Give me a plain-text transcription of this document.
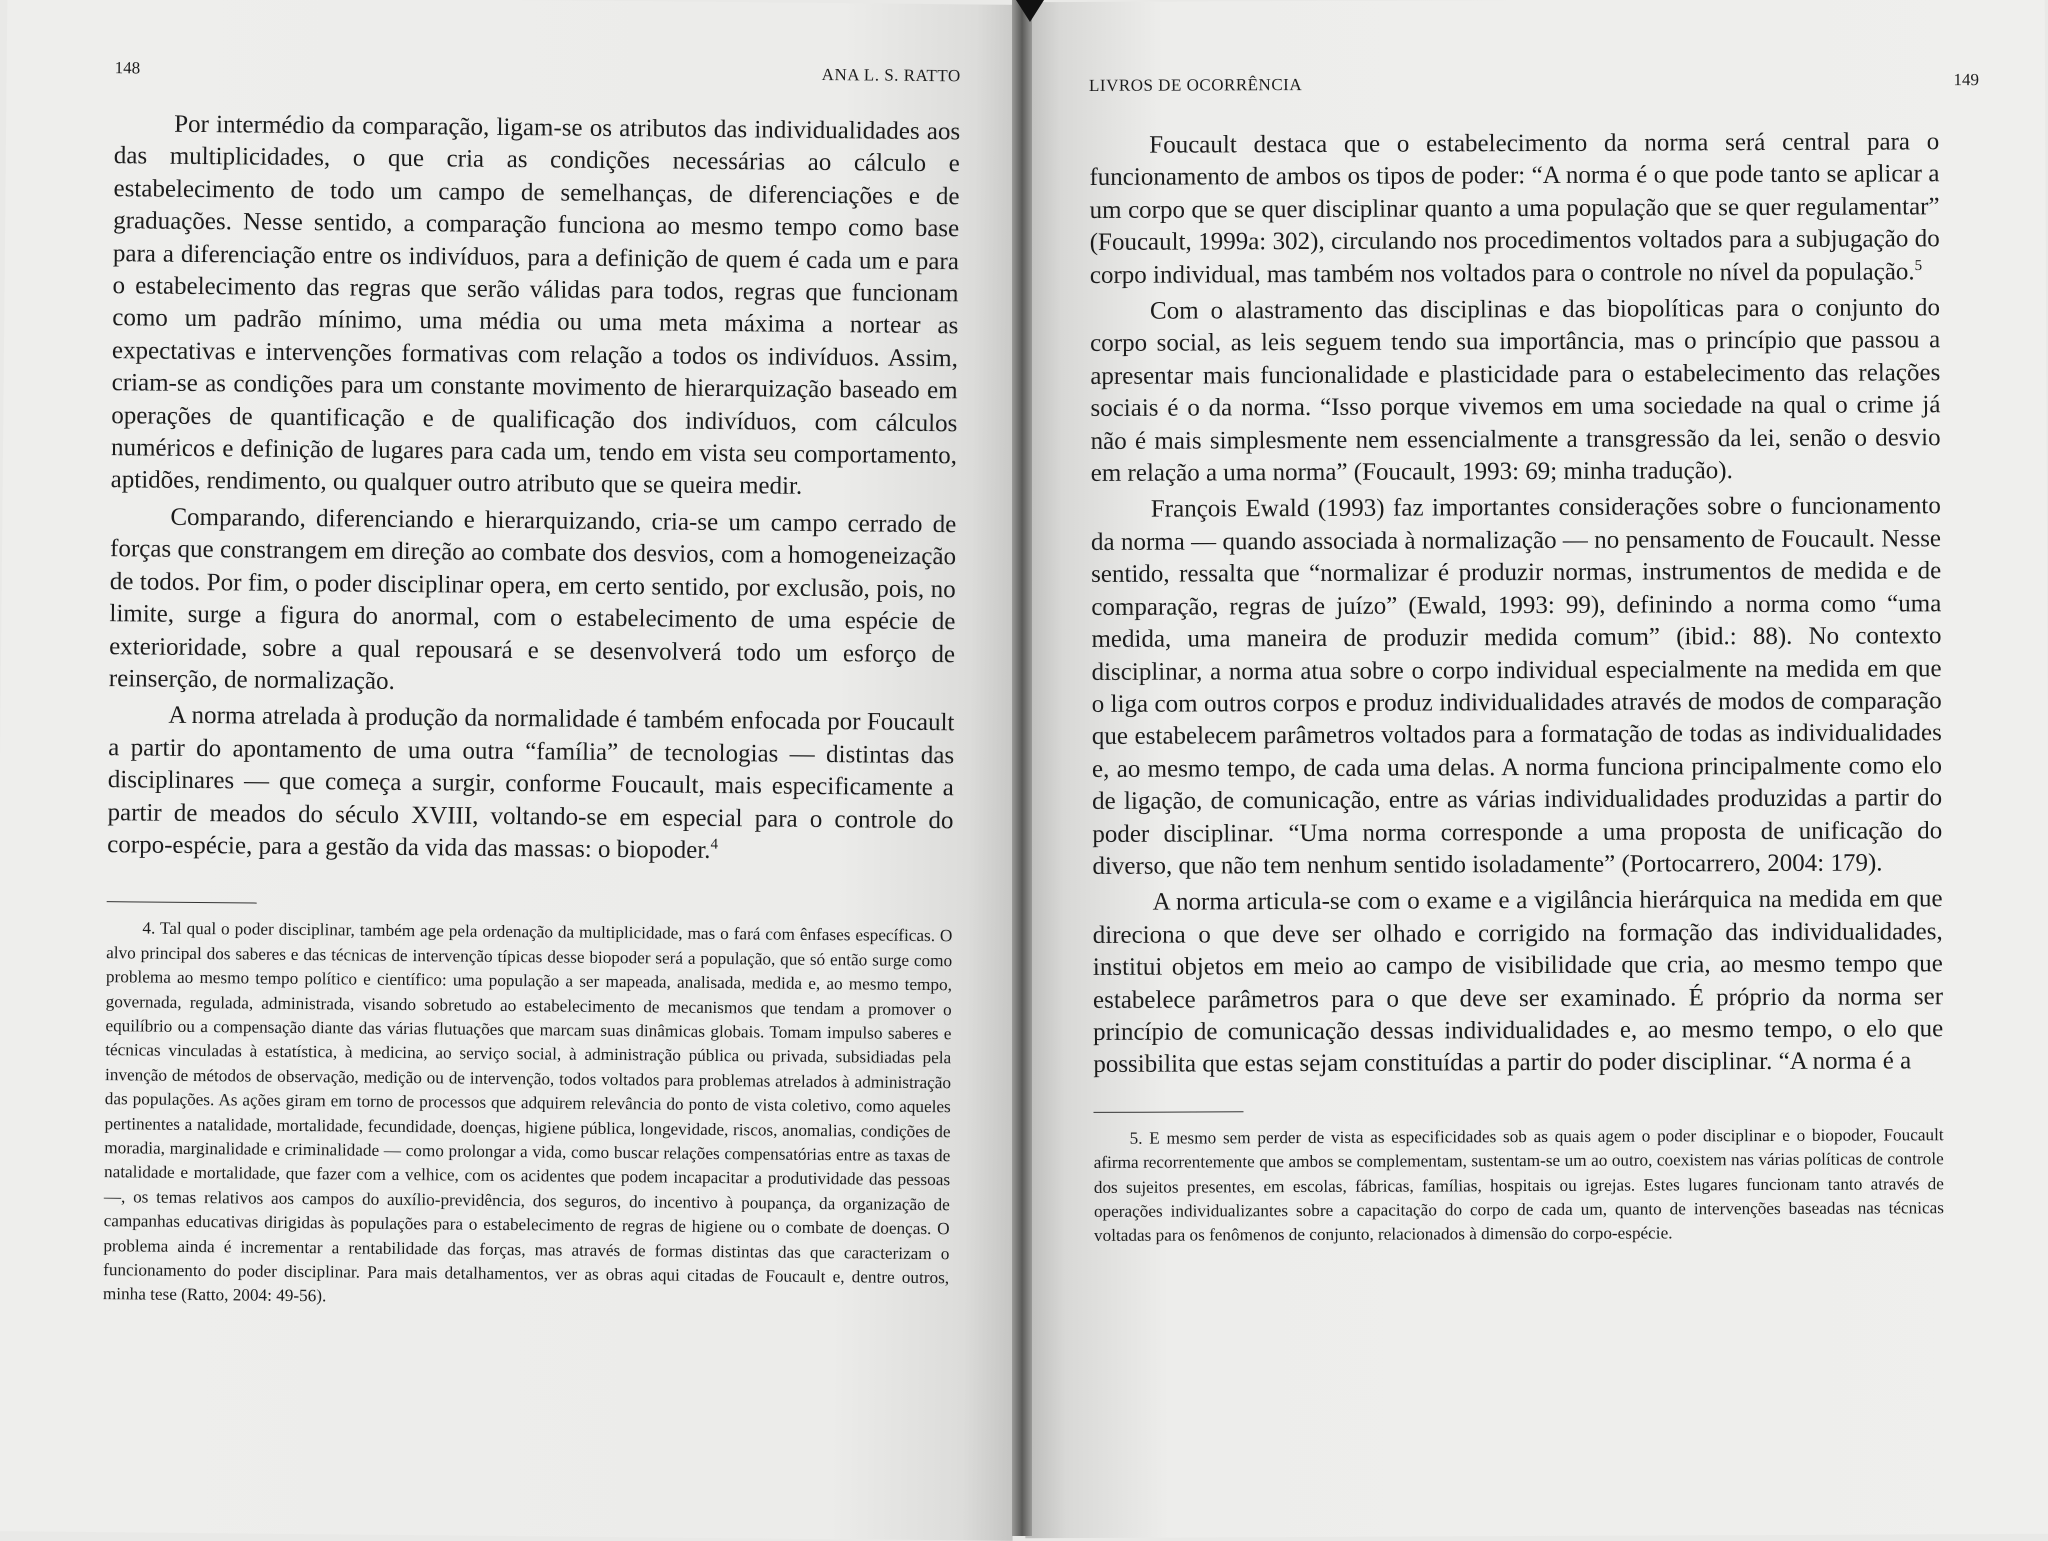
148	ANA L. S. RATTO

Por intermédio da comparação, ligam-se os atributos das individualidades aos das multiplicidades, o que cria as condições necessárias ao cálculo e estabelecimento de todo um campo de semelhanças, de diferenciações e de graduações. Nesse sentido, a comparação funciona ao mesmo tempo como base para a diferenciação entre os indivíduos, para a definição de quem é cada um e para o estabelecimento das regras que serão válidas para todos, regras que funcionam como um padrão mínimo, uma média ou uma meta máxima a nortear as expectativas e intervenções formativas com relação a todos os indivíduos. Assim, criam-se as condições para um constante movimento de hierarquização baseado em operações de quantificação e de qualificação dos indivíduos, com cálculos numéricos e definição de lugares para cada um, tendo em vista seu comportamento, aptidões, rendimento, ou qualquer outro atributo que se queira medir.

Comparando, diferenciando e hierarquizando, cria-se um campo cerrado de forças que constrangem em direção ao combate dos desvios, com a homogeneização de todos. Por fim, o poder disciplinar opera, em certo sentido, por exclusão, pois, no limite, surge a figura do anormal, com o estabelecimento de uma espécie de exterioridade, sobre a qual repousará e se desenvolverá todo um esforço de reinserção, de normalização.

A norma atrelada à produção da normalidade é também enfocada por Foucault a partir do apontamento de uma outra “família” de tecnologias — distintas das disciplinares — que começa a surgir, conforme Foucault, mais especificamente a partir de meados do século XVIII, voltando-se em especial para o controle do corpo-espécie, para a gestão da vida das massas: o biopoder.$^4$

4. Tal qual o poder disciplinar, também age pela ordenação da multiplicidade, mas o fará com ênfases específicas. O alvo principal dos saberes e das técnicas de intervenção típicas desse biopoder será a população, que só então surge como problema ao mesmo tempo político e científico: uma população a ser mapeada, analisada, medida e, ao mesmo tempo, governada, regulada, administrada, visando sobretudo ao estabelecimento de mecanismos que tendam a promover o equilíbrio ou a compensação diante das várias flutuações que marcam suas dinâmicas globais. Tomam impulso saberes e técnicas vinculadas à estatística, à medicina, ao serviço social, à administração pública ou privada, subsidiadas pela invenção de métodos de observação, medição ou de intervenção, todos voltados para problemas atrelados à administração das populações. As ações giram em torno de processos que adquirem relevância do ponto de vista coletivo, como aqueles pertinentes a natalidade, mortalidade, fecundidade, doenças, higiene pública, longevidade, riscos, anomalias, condições de moradia, marginalidade e criminalidade — como prolongar a vida, como buscar relações compensatórias entre as taxas de natalidade e mortalidade, que fazer com a velhice, com os acidentes que podem incapacitar a produtividade das pessoas —, os temas relativos aos campos do auxílio-previdência, dos seguros, do incentivo à poupança, da organização de campanhas educativas dirigidas às populações para o estabelecimento de regras de higiene ou o combate de doenças. O problema ainda é incrementar a rentabilidade das forças, mas através de formas distintas das que caracterizam o funcionamento do poder disciplinar. Para mais detalhamentos, ver as obras aqui citadas de Foucault e, dentre outros, minha tese (Ratto, 2004: 49-56).

LIVROS DE OCORRÊNCIA	149

Foucault destaca que o estabelecimento da norma será central para o funcionamento de ambos os tipos de poder: “A norma é o que pode tanto se aplicar a um corpo que se quer disciplinar quanto a uma população que se quer regulamentar” (Foucault, 1999a: 302), circulando nos procedimentos voltados para a subjugação do corpo individual, mas também nos voltados para o controle no nível da população.$^5$

Com o alastramento das disciplinas e das biopolíticas para o conjunto do corpo social, as leis seguem tendo sua importância, mas o princípio que passou a apresentar mais funcionalidade e plasticidade para o estabelecimento das relações sociais é o da norma. “Isso porque vivemos em uma sociedade na qual o crime já não é mais simplesmente nem essencialmente a transgressão da lei, senão o desvio em relação a uma norma” (Foucault, 1993: 69; minha tradução).

François Ewald (1993) faz importantes considerações sobre o funcionamento da norma — quando associada à normalização — no pensamento de Foucault. Nesse sentido, ressalta que “normalizar é produzir normas, instrumentos de medida e de comparação, regras de juízo” (Ewald, 1993: 99), definindo a norma como “uma medida, uma maneira de produzir medida comum” (ibid.: 88). No contexto disciplinar, a norma atua sobre o corpo individual especialmente na medida em que o liga com outros corpos e produz individualidades através de modos de comparação que estabelecem parâmetros voltados para a formatação de todas as individualidades e, ao mesmo tempo, de cada uma delas. A norma funciona principalmente como elo de ligação, de comunicação, entre as várias individualidades produzidas a partir do poder disciplinar. “Uma norma corresponde a uma proposta de unificação do diverso, que não tem nenhum sentido isoladamente” (Portocarrero, 2004: 179).

A norma articula-se com o exame e a vigilância hierárquica na medida em que direciona o que deve ser olhado e corrigido na formação das individualidades, institui objetos em meio ao campo de visibilidade que cria, ao mesmo tempo que estabelece parâmetros para o que deve ser examinado. É próprio da norma ser princípio de comunicação dessas individualidades e, ao mesmo tempo, o elo que possibilita que estas sejam constituídas a partir do poder disciplinar. “A norma é a

5. E mesmo sem perder de vista as especificidades sob as quais agem o poder disciplinar e o biopoder, Foucault afirma recorrentemente que ambos se complementam, sustentam-se um ao outro, coexistem nas várias políticas de controle dos sujeitos presentes, em escolas, fábricas, famílias, hospitais ou igrejas. Estes lugares funcionam tanto através de operações individualizantes sobre a capacitação do corpo de cada um, quanto de intervenções baseadas nas técnicas voltadas para os fenômenos de conjunto, relacionados à dimensão do corpo-espécie.
